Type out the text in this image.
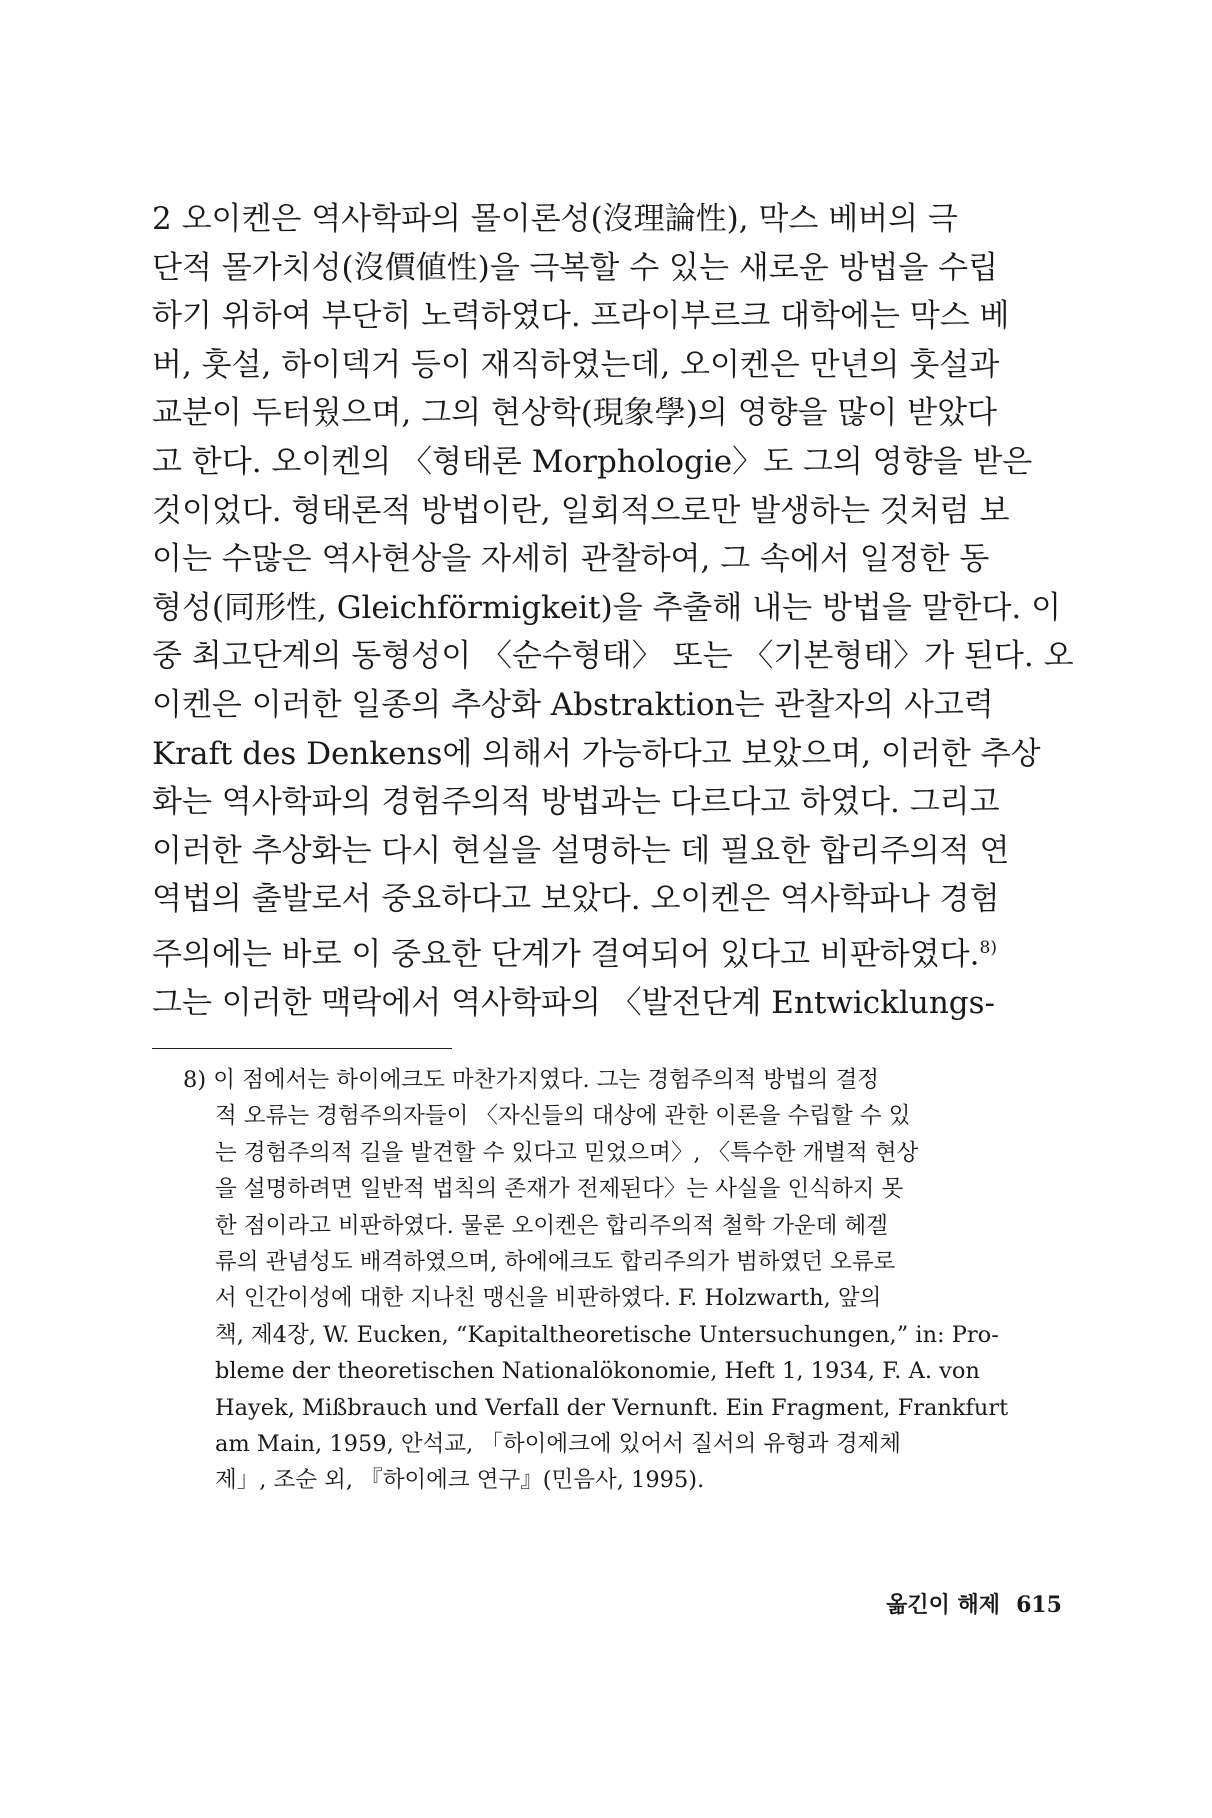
2 오이켄은 역사학파의 몰이론성(沒理論性), 막스 베버의 극
단적 몰가치성(沒價値性)을 극복할 수 있는 새로운 방법을 수립
하기 위하여 부단히 노력하였다. 프라이부르크 대학에는 막스 베
버, 훗설, 하이덱거 등이 재직하였는데, 오이켄은 만년의 훗설과
교분이 두터웠으며, 그의 현상학(現象學)의 영향을 많이 받았다
고 한다. 오이켄의 〈형태론 Morphologie〉도 그의 영향을 받은
것이었다. 형태론적 방법이란, 일회적으로만 발생하는 것처럼 보
이는 수많은 역사현상을 자세히 관찰하여, 그 속에서 일정한 동
형성(同形性, Gleichförmigkeit)을 추출해 내는 방법을 말한다. 이
중 최고단계의 동형성이 〈순수형태〉 또는 〈기본형태〉가 된다. 오
이켄은 이러한 일종의 추상화 Abstraktion는 관찰자의 사고력
Kraft des Denkens에 의해서 가능하다고 보았으며, 이러한 추상
화는 역사학파의 경험주의적 방법과는 다르다고 하였다. 그리고
이러한 추상화는 다시 현실을 설명하는 데 필요한 합리주의적 연
역법의 출발로서 중요하다고 보았다. 오이켄은 역사학파나 경험
주의에는 바로 이 중요한 단계가 결여되어 있다고 비판하였다.$^{8)}$
그는 이러한 맥락에서 역사학파의 〈발전단계 Entwicklungs-
8) 이 점에서는 하이에크도 마찬가지였다. 그는 경험주의적 방법의 결정
적 오류는 경험주의자들이 〈자신들의 대상에 관한 이론을 수립할 수 있
는 경험주의적 길을 발견할 수 있다고 믿었으며〉, 〈특수한 개별적 현상
을 설명하려면 일반적 법칙의 존재가 전제된다〉는 사실을 인식하지 못
한 점이라고 비판하였다. 물론 오이켄은 합리주의적 철학 가운데 헤겔
류의 관념성도 배격하였으며, 하에에크도 합리주의가 범하였던 오류로
서 인간이성에 대한 지나친 맹신을 비판하였다. F. Holzwarth, 앞의
책, 제4장, W. Eucken, “Kapitaltheoretische Untersuchungen,” in: Pro-
bleme der theoretischen Nationalökonomie, Heft 1, 1934, F. A. von
Hayek, Mißbrauch und Verfall der Vernunft. Ein Fragment, Frankfurt
am Main, 1959, 안석교, 「하이에크에 있어서 질서의 유형과 경제체
제」, 조순 외, 『하이에크 연구』(민음사, 1995).
옮긴이 해제 615
